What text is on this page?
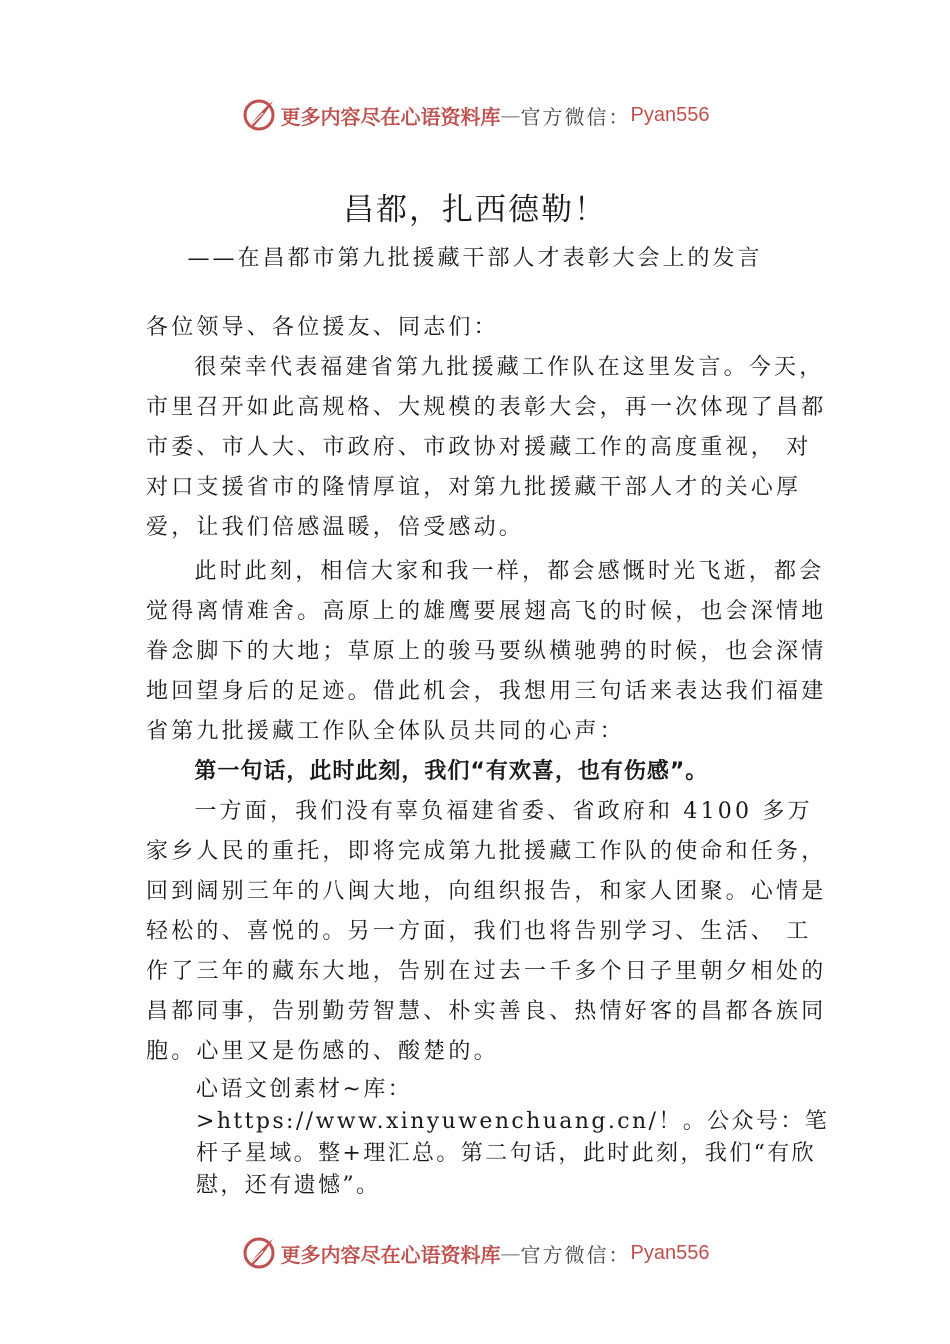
更多内容尽在心语资料库 — 官方微信： Pyan556
昌都，扎西德勒！
——在昌都市第九批援藏干部人才表彰大会上的发言

各位领导、各位援友、同志们：

很荣幸代表福建省第九批援藏工作队在这里发言。今天，市里召开如此高规格、大规模的表彰大会，再一次体现了昌都市委、市人大、市政府、市政协对援藏工作的高度重视， 对对口支援省市的隆情厚谊，对第九批援藏干部人才的关心厚爱，让我们倍感温暖，倍受感动。

此时此刻，相信大家和我一样，都会感慨时光飞逝，都会觉得离情难舍。高原上的雄鹰要展翅高飞的时候，也会深情地眷念脚下的大地；草原上的骏马要纵横驰骋的时候，也会深情地回望身后的足迹。借此机会，我想用三句话来表达我们福建省第九批援藏工作队全体队员共同的心声：

第一句话，此时此刻，我们“有欢喜，也有伤感”。

一方面，我们没有辜负福建省委、省政府和 4100 多万家乡人民的重托，即将完成第九批援藏工作队的使命和任务， 回到阔别三年的八闽大地，向组织报告，和家人团聚。心情是轻松的、喜悦的。另一方面，我们也将告别学习、生活、 工作了三年的藏东大地，告别在过去一千多个日子里朝夕相处的昌都同事，告别勤劳智慧、朴实善良、热情好客的昌都各族同胞。心里又是伤感的、酸楚的。

心语文创素材~库：>https://www.xinyuwenchuang.cn/！。公众号：笔杆子星域。整+理汇总。第二句话，此时此刻，我们“有欣慰，还有遗憾”。

更多内容尽在心语资料库 — 官方微信： Pyan556
